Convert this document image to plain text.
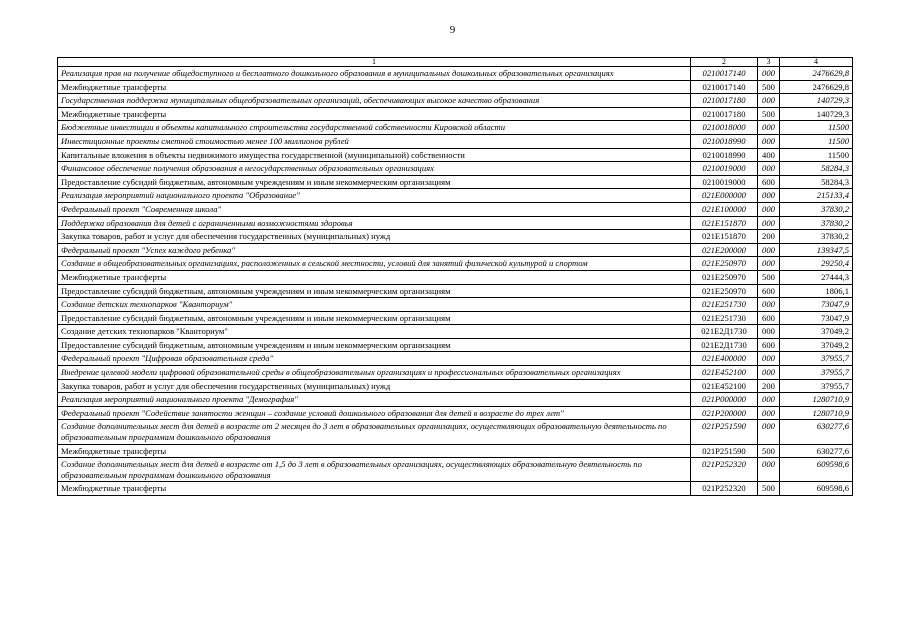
9
1	2	3	4
Реализация прав на получение общедоступного и бесплатного дошкольного образования в муниципальных дошкольных образовательных организациях	0210017140	000	2476629,8
Межбюджетные трансферты	0210017140	500	2476629,8
Государственная поддержка муниципальных общеобразовательных организаций, обеспечивающих высокое качество образования	0210017180	000	140729,3
Межбюджетные трансферты	0210017180	500	140729,3
Бюджетные инвестиции в объекты капитального строительства государственной собственности Кировской области	0210018000	000	11500
Инвестиционные проекты сметной стоимостью менее 100 миллионов рублей	0210018990	000	11500
Капитальные вложения в объекты недвижимого имущества государственной (муниципальной) собственности	0210018990	400	11500
Финансовое обеспечение получения образования в негосударственных образовательных организациях	0210019000	000	58284,3
Предоставление субсидий бюджетным, автономным учреждениям и иным некоммерческим организациям	0210019000	600	58284,3
Реализация мероприятий национального проекта "Образование"	021E000000	000	215133,4
Федеральный проект "Современная школа"	021E100000	000	37830,2
Поддержка образования для детей с ограниченными возможностями здоровья	021E151870	000	37830,2
Закупка товаров, работ и услуг для обеспечения государственных (муниципальных) нужд	021E151870	200	37830,2
Федеральный проект "Успех каждого ребенка"	021E200000	000	139347,5
Создание в общеобразовательных организациях, расположенных в сельской местности, условий для занятий физической культурой и спортом	021E250970	000	29250,4
Межбюджетные трансферты	021E250970	500	27444,3
Предоставление субсидий бюджетным, автономным учреждениям и иным некоммерческим организациям	021E250970	600	1806,1
Создание детских технопарков "Кванториум"	021E251730	000	73047,9
Предоставление субсидий бюджетным, автономным учреждениям и иным некоммерческим организациям	021E251730	600	73047,9
Создание детских технопарков "Кванториум"	021E2Д1730	000	37049,2
Предоставление субсидий бюджетным, автономным учреждениям и иным некоммерческим организациям	021E2Д1730	600	37049,2
Федеральный проект "Цифровая образовательная среда"	021E400000	000	37955,7
Внедрение целевой модели цифровой образовательной среды в общеобразовательных организациях и профессиональных образовательных организациях	021E452100	000	37955,7
Закупка товаров, работ и услуг для обеспечения государственных (муниципальных) нужд	021E452100	200	37955,7
Реализация мероприятий национального проекта "Демография"	021P000000	000	1280710,9
Федеральный проект "Содействие занятости женщин – создание условий дошкольного образования для детей в возрасте до трех лет"	021P200000	000	1280710,9
Создание дополнительных мест для детей в возрасте от 2 месяцев до 3 лет в образовательных организациях, осуществляющих образовательную деятельность по образовательным программам дошкольного образования	021P251590	000	630277,6
Межбюджетные трансферты	021P251590	500	630277,6
Создание дополнительных мест для детей в возрасте от 1,5 до 3 лет в образовательных организациях, осуществляющих образовательную деятельность по образовательным программам дошкольного образования	021P252320	000	609598,6
Межбюджетные трансферты	021P252320	500	609598,6
